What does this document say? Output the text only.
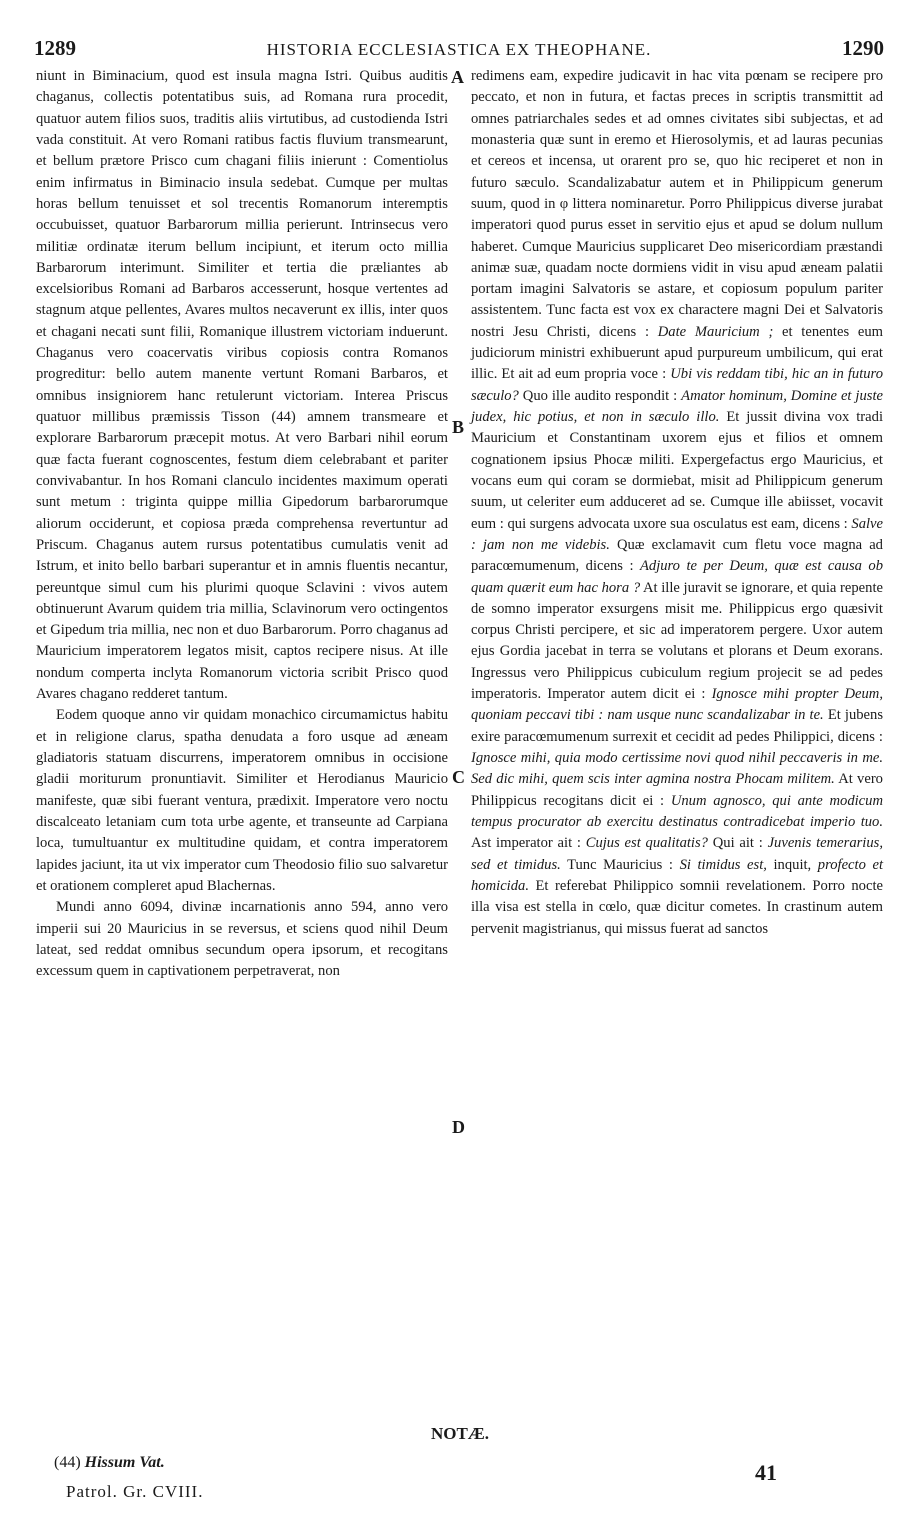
1289	HISTORIA ECCLESIASTICA EX THEOPHANE.	1290

niunt in Biminacium, quod est insula magna Istri. Quibus auditis chaganus, collectis potentatibus suis, ad Romana rura procedit, quatuor autem filios suos, traditis aliis virtutibus, ad custodienda Istri vada constituit. At vero Romani ratibus factis fluvium transmearunt, et bellum prætore Prisco cum chagani filiis inierunt : Comentiolus enim infirmatus in Biminacio insula sedebat. Cumque per multas horas bellum tenuisset et sol trecentis Romanorum interemptis occubuisset, quatuor Barbarorum millia perierunt. Intrinsecus vero militiæ ordinatæ iterum bellum incipiunt, et iterum octo millia Barbarorum interimunt. Similiter et tertia die præliantes ab excelsioribus Romani ad Barbaros accesserunt, hosque vertentes ad stagnum atque pellentes, Avares multos necaverunt ex illis, inter quos et chagani necati sunt filii, Romanique illustrem victoriam induerunt. Chaganus vero coacervatis viribus copiosis contra Romanos progreditur: bello autem manente vertunt Romani Barbaros, et omnibus insigniorem hanc retulerunt victoriam. Interea Priscus quatuor millibus præmissis Tisson (44) amnem transmeare et explorare Barbarorum præcepit motus. At vero Barbari nihil eorum quæ facta fuerant cognoscentes, festum diem celebrabant et pariter convivabantur. In hos Romani clanculo incidentes maximum operati sunt metum : triginta quippe millia Gipedorum barbarorumque aliorum occiderunt, et copiosa præda comprehensa revertuntur ad Priscum. Chaganus autem rursus potentatibus cumulatis venit ad Istrum, et inito bello barbari superantur et in amnis fluentis necantur, pereuntque simul cum his plurimi quoque Sclavini : vivos autem obtinuerunt Avarum quidem tria millia, Sclavinorum vero octingentos et Gipedum tria millia, nec non et duo Barbarorum. Porro chaganus ad Mauricium imperatorem legatos misit, captos recipere nisus. At ille nondum comperta inclyta Romanorum victoria scribit Prisco quod Avares chagano redderet tantum.

Eodem quoque anno vir quidam monachico circumamictus habitu et in religione clarus, spatha denudata a foro usque ad æneam gladiatoris statuam discurrens, imperatorem omnibus in occisione gladii moriturum pronuntiavit. Similiter et Herodianus Mauricio manifeste, quæ sibi fuerant ventura, prædixit. Imperatore vero noctu discalceato letaniam cum tota urbe agente, et transeunte ad Carpiana loca, tumultuantur ex multitudine quidam, et contra imperatorem lapides jaciunt, ita ut vix imperator cum Theodosio filio suo salvaretur et orationem compleret apud Blachernas.

Mundi anno 6094, divinæ incarnationis anno 594, anno vero imperii sui 20 Mauricius in se reversus, et sciens quod nihil Deum lateat, sed reddat omnibus secundum opera ipsorum, et recogitans excessum quem in captivationem perpetraverat, non

A
B
C
D

redimens eam, expedire judicavit in hac vita pœnam se recipere pro peccato, et non in futura, et factas preces in scriptis transmittit ad omnes patriarchales sedes et ad omnes civitates sibi subjectas, et ad monasteria quæ sunt in eremo et Hierosolymis, et ad lauras pecunias et cereos et incensa, ut orarent pro se, quo hic reciperet et non in futuro sæculo. Scandalizabatur autem et in Philippicum generum suum, quod in φ littera nominaretur. Porro Philippicus diverse jurabat imperatori quod purus esset in servitio ejus et apud se dolum nullum haberet. Cumque Mauricius supplicaret Deo misericordiam præstandi animæ suæ, quadam nocte dormiens vidit in visu apud æneam palatii portam imagini Salvatoris se astare, et copiosum populum pariter assistentem. Tunc facta est vox ex charactere magni Dei et Salvatoris nostri Jesu Christi, dicens : Date Mauricium ; et tenentes eum judiciorum ministri exhibuerunt apud purpureum umbilicum, qui erat illic. Et ait ad eum propria voce : Ubi vis reddam tibi, hic an in futuro sæculo? Quo ille audito respondit : Amator hominum, Domine et juste judex, hic potius, et non in sæculo illo. Et jussit divina vox tradi Mauricium et Constantinam uxorem ejus et filios et omnem cognationem ipsius Phocæ militi. Expergefactus ergo Mauricius, et vocans eum qui coram se dormiebat, misit ad Philippicum generum suum, ut celeriter eum adduceret ad se. Cumque ille abiisset, vocavit eum : qui surgens advocata uxore sua osculatus est eam, dicens : Salve : jam non me videbis. Quæ exclamavit cum fletu voce magna ad paracœmumenum, dicens : Adjuro te per Deum, quæ est causa ob quam quærit eum hac hora ? At ille juravit se ignorare, et quia repente de somno imperator exsurgens misit me. Philippicus ergo quæsivit corpus Christi percipere, et sic ad imperatorem pergere. Uxor autem ejus Gordia jacebat in terra se volutans et plorans et Deum exorans. Ingressus vero Philippicus cubiculum regium projecit se ad pedes imperatoris. Imperator autem dicit ei : Ignosce mihi propter Deum, quoniam peccavi tibi : nam usque nunc scandalizabar in te. Et jubens exire paracœmumenum surrexit et cecidit ad pedes Philippici, dicens : Ignosce mihi, quia modo certissime novi quod nihil peccaveris in me. Sed dic mihi, quem scis inter agmina nostra Phocam militem. At vero Philippicus recogitans dicit ei : Unum agnosco, qui ante modicum tempus procurator ab exercitu destinatus contradicebat imperio tuo. Ast imperator ait : Cujus est qualitatis? Qui ait : Juvenis temerarius, sed et timidus. Tunc Mauricius : Si timidus est, inquit, profecto et homicida. Et referebat Philippico somnii revelationem. Porro nocte illa visa est stella in cœlo, quæ dicitur cometes. In crastinum autem pervenit magistrianus, qui missus fuerat ad sanctos

NOTÆ.
(44) Hissum Vat.
Patrol. Gr. CVIII.
41
